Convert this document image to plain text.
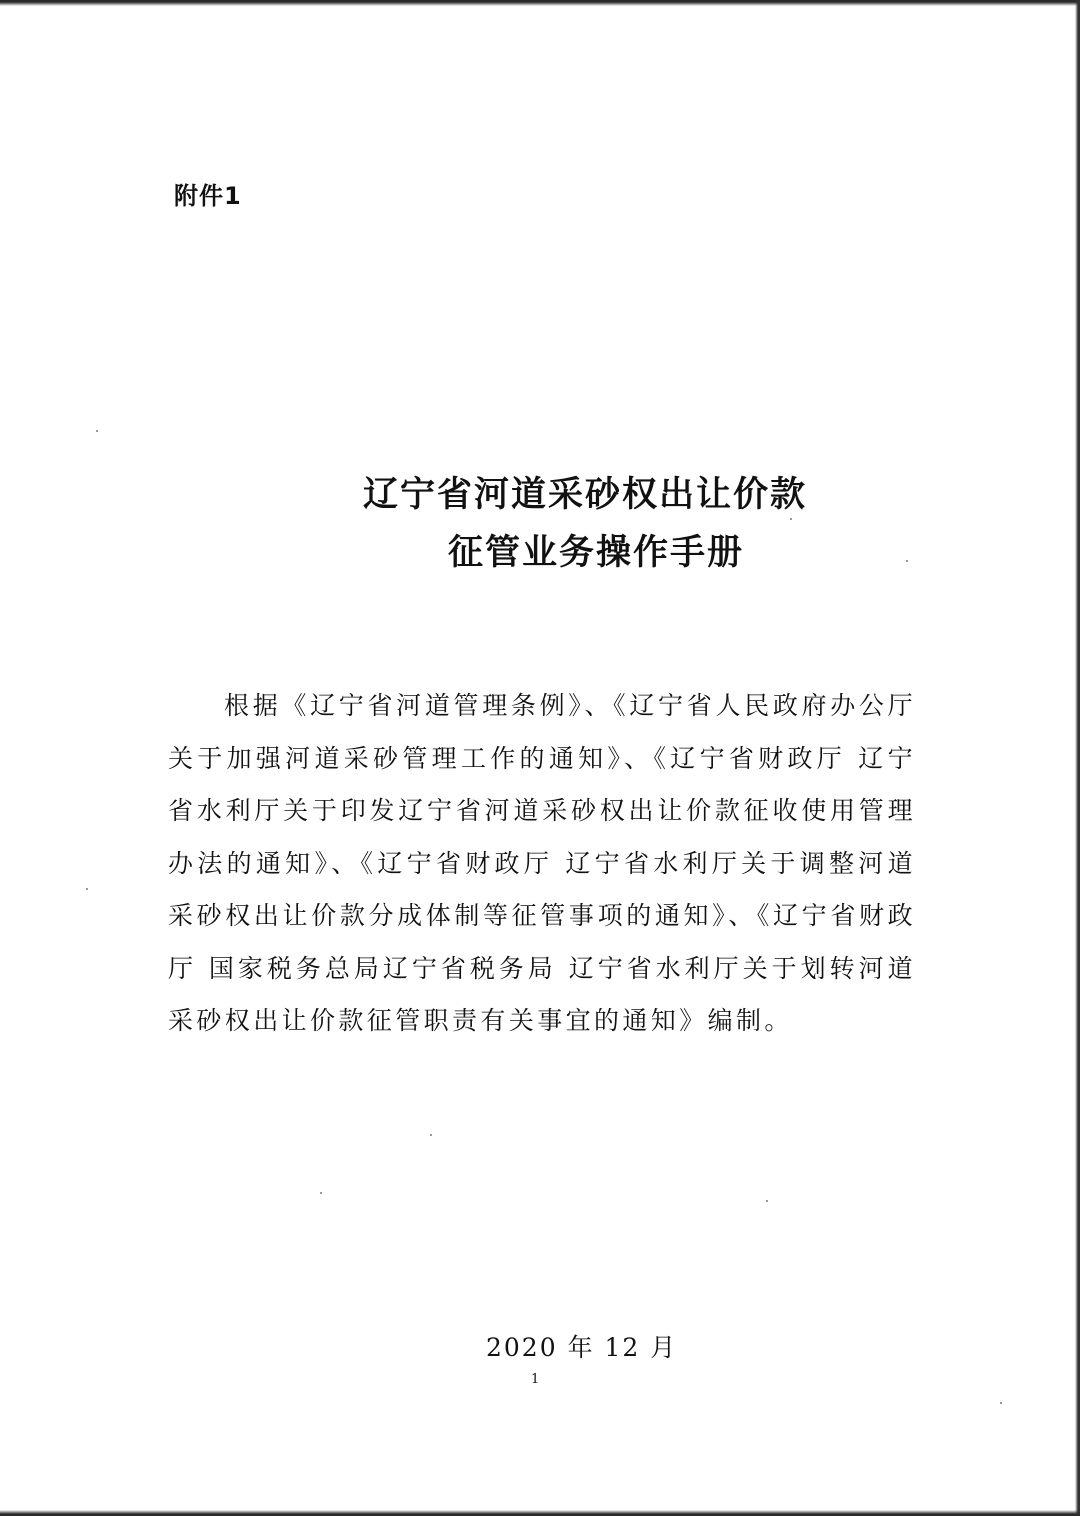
附件1
辽宁省河道采砂权出让价款
征管业务操作手册
根据《辽宁省河道管理条例》、《辽宁省人民政府办公厅关于加强河道采砂管理工作的通知》、《辽宁省财政厅 辽宁省水利厅关于印发辽宁省河道采砂权出让价款征收使用管理办法的通知》、《辽宁省财政厅 辽宁省水利厅关于调整河道采砂权出让价款分成体制等征管事项的通知》、《辽宁省财政厅 国家税务总局辽宁省税务局 辽宁省水利厅关于划转河道采砂权出让价款征管职责有关事宜的通知》编制。
2020 年 12 月
1
